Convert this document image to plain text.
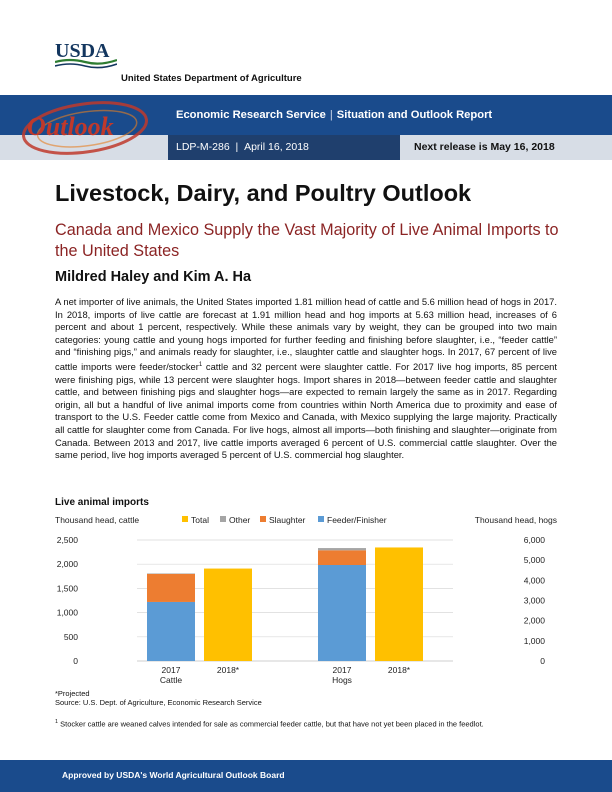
USDA
United States Department of Agriculture
Outlook	Economic Research Service | Situation and Outlook Report
LDP-M-286  |  April 16, 2018	Next release is May 16, 2018
Livestock, Dairy, and Poultry Outlook
Canada and Mexico Supply the Vast Majority of Live Animal Imports to the United States
Mildred Haley and Kim A. Ha
A net importer of live animals, the United States imported 1.81 million head of cattle and 5.6 million head of hogs in 2017. In 2018, imports of live cattle are forecast at 1.91 million head and hog imports at 5.63 million head, increases of 6 percent and about 1 percent, respectively. While these animals vary by weight, they can be grouped into two main categories: young cattle and young hogs imported for further feeding and finishing before slaughter, i.e., “feeder cattle” and “finishing pigs,” and animals ready for slaughter, i.e., slaughter cattle and slaughter hogs. In 2017, 67 percent of live cattle imports were feeder/stocker$^1$ cattle and 32 percent were slaughter cattle. For 2017 live hog imports, 85 percent were finishing pigs, while 13 percent were slaughter hogs. Import shares in 2018—between feeder cattle and slaughter cattle, and between finishing pigs and slaughter hogs—are expected to remain largely the same as in 2017. Regarding origin, all but a handful of live animal imports come from countries within North America due to proximity and ease of transport to the U.S. Feeder cattle come from Mexico and Canada, with Mexico supplying the large majority. Practically all cattle for slaughter come from Canada. For live hogs, almost all imports—both finishing and slaughter—originate from Canada. Between 2013 and 2017, live cattle imports averaged 6 percent of U.S. commercial cattle slaughter. Over the same period, live hog imports averaged 5 percent of U.S. commercial hog slaughter.
Live animal imports
Thousand head, cattle	Thousand head, hogs
Total Other Slaughter	Feeder/Finisher
0
500
1,000
1,500
2,000
2,500
0
1,000
2,000
3,000
4,000
5,000
6,000
2017	2018*
Cattle
2017	2018*
Hogs
*Projected
Source: U.S. Dept. of Agriculture, Economic Research Service
$^1$ Stocker cattle are weaned calves intended for sale as commercial feeder cattle, but that have not yet been placed in the feedlot.
Approved by USDA's World Agricultural Outlook Board
